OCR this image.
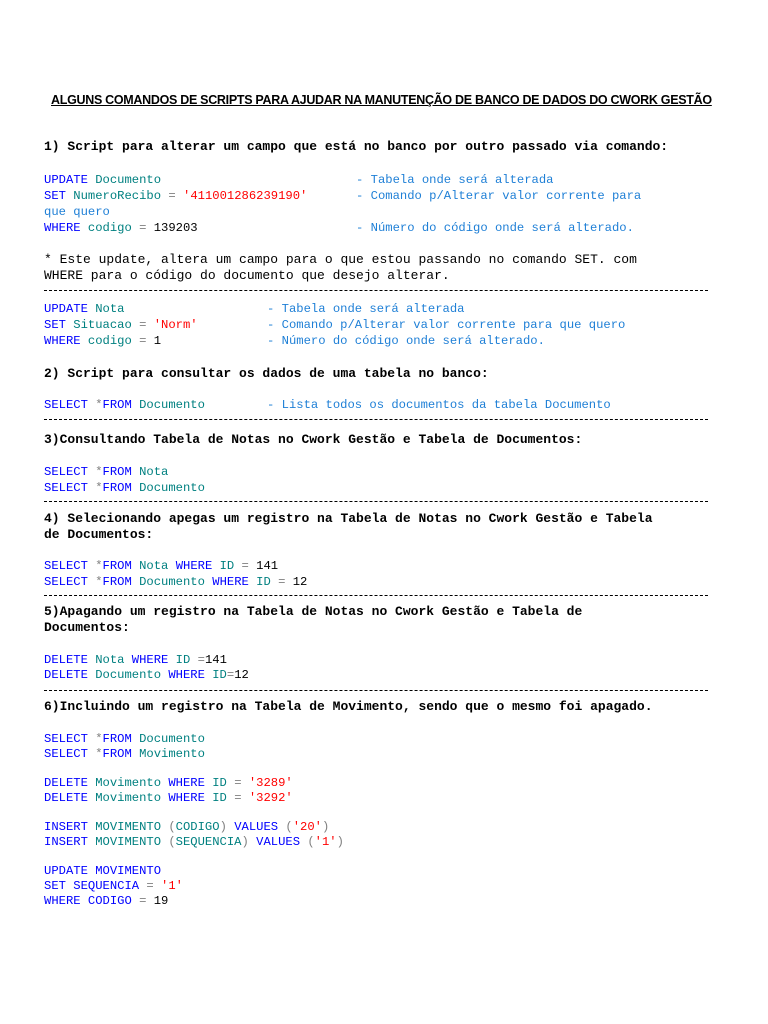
ALGUNS COMANDOS DE SCRIPTS PARA AJUDAR NA MANUTENÇÃO DE BANCO DE DADOS DO CWORK GESTÃO
1) Script para alterar um campo que está no banco por outro passado via comando:
UPDATE Documento	- Tabela onde será alterada
SET NumeroRecibo = '411001286239190'	- Comando p/Alterar valor corrente para
que quero
WHERE codigo = 139203	- Número do código onde será alterado.
* Este update, altera um campo para o que estou passando no comando SET. com
WHERE para o código do documento que desejo alterar.
UPDATE Nota	- Tabela onde será alterada
SET Situacao = 'Norm'	- Comando p/Alterar valor corrente para que quero
WHERE codigo = 1	- Número do código onde será alterado.
2) Script para consultar os dados de uma tabela no banco:
SELECT *FROM Documento	- Lista todos os documentos da tabela Documento
3)Consultando Tabela de Notas no Cwork Gestão e Tabela de Documentos:
SELECT *FROM Nota
SELECT *FROM Documento
4) Selecionando apegas um registro na Tabela de Notas no Cwork Gestão e Tabela
de Documentos:
SELECT *FROM Nota WHERE ID = 141
SELECT *FROM Documento WHERE ID = 12
5)Apagando um registro na Tabela de Notas no Cwork Gestão e Tabela de
Documentos:
DELETE Nota WHERE ID =141
DELETE Documento WHERE ID=12
6)Incluindo um registro na Tabela de Movimento, sendo que o mesmo foi apagado.
SELECT *FROM Documento
SELECT *FROM Movimento
DELETE Movimento WHERE ID = '3289'
DELETE Movimento WHERE ID = '3292'
INSERT MOVIMENTO (CODIGO) VALUES ('20')
INSERT MOVIMENTO (SEQUENCIA) VALUES ('1')
UPDATE MOVIMENTO
SET SEQUENCIA = '1'
WHERE CODIGO = 19
